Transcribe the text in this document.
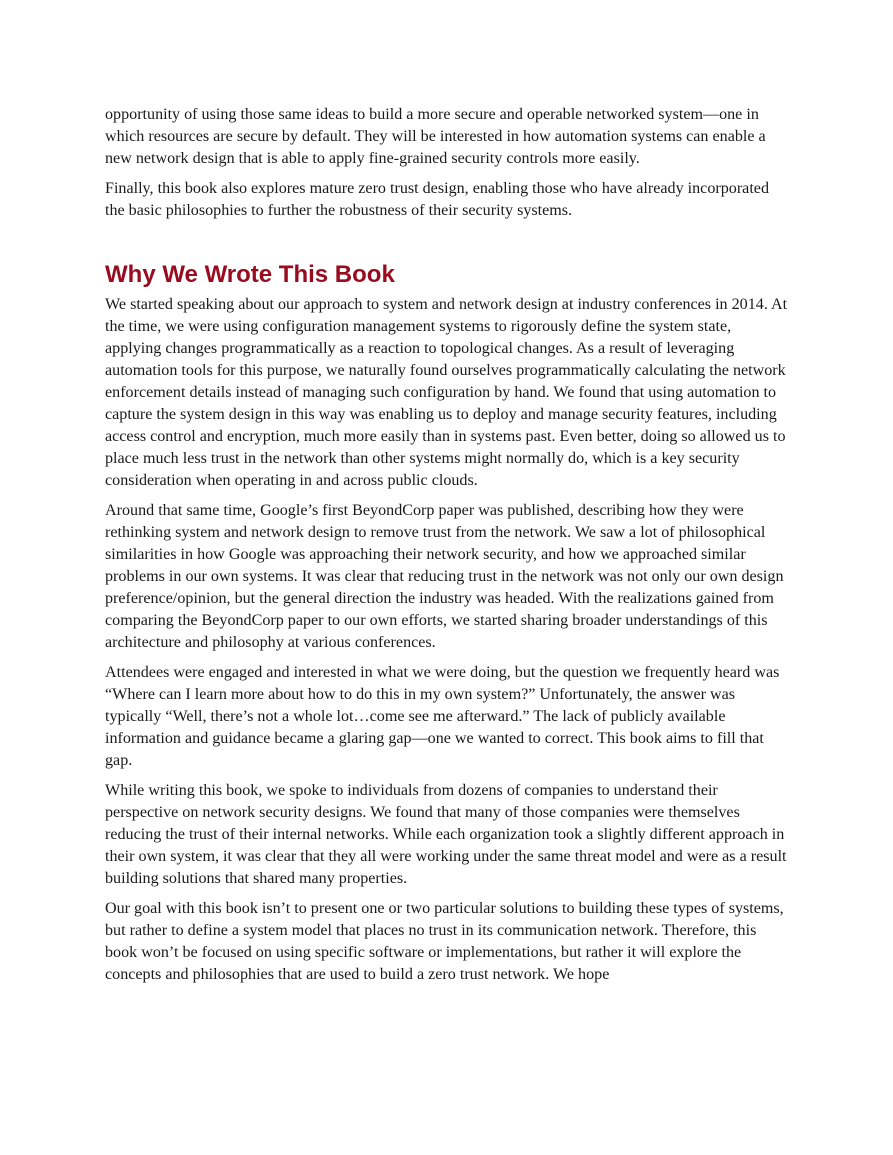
opportunity of using those same ideas to build a more secure and operable networked system—one in which resources are secure by default. They will be interested in how automation systems can enable a new network design that is able to apply fine-grained security controls more easily.

Finally, this book also explores mature zero trust design, enabling those who have already incorporated the basic philosophies to further the robustness of their security systems.

Why We Wrote This Book

We started speaking about our approach to system and network design at industry conferences in 2014. At the time, we were using configuration management systems to rigorously define the system state, applying changes programmatically as a reaction to topological changes. As a result of leveraging automation tools for this purpose, we naturally found ourselves programmatically calculating the network enforcement details instead of managing such configuration by hand. We found that using automation to capture the system design in this way was enabling us to deploy and manage security features, including access control and encryption, much more easily than in systems past. Even better, doing so allowed us to place much less trust in the network than other systems might normally do, which is a key security consideration when operating in and across public clouds.

Around that same time, Google’s first BeyondCorp paper was published, describing how they were rethinking system and network design to remove trust from the network. We saw a lot of philosophical similarities in how Google was approaching their network security, and how we approached similar problems in our own systems. It was clear that reducing trust in the network was not only our own design preference/opinion, but the general direction the industry was headed. With the realizations gained from comparing the BeyondCorp paper to our own efforts, we started sharing broader understandings of this architecture and philosophy at various conferences.

Attendees were engaged and interested in what we were doing, but the question we frequently heard was “Where can I learn more about how to do this in my own system?” Unfortunately, the answer was typically “Well, there’s not a whole lot…come see me afterward.” The lack of publicly available information and guidance became a glaring gap—one we wanted to correct. This book aims to fill that gap.

While writing this book, we spoke to individuals from dozens of companies to understand their perspective on network security designs. We found that many of those companies were themselves reducing the trust of their internal networks. While each organization took a slightly different approach in their own system, it was clear that they all were working under the same threat model and were as a result building solutions that shared many properties.

Our goal with this book isn’t to present one or two particular solutions to building these types of systems, but rather to define a system model that places no trust in its communication network. Therefore, this book won’t be focused on using specific software or implementations, but rather it will explore the concepts and philosophies that are used to build a zero trust network. We hope
